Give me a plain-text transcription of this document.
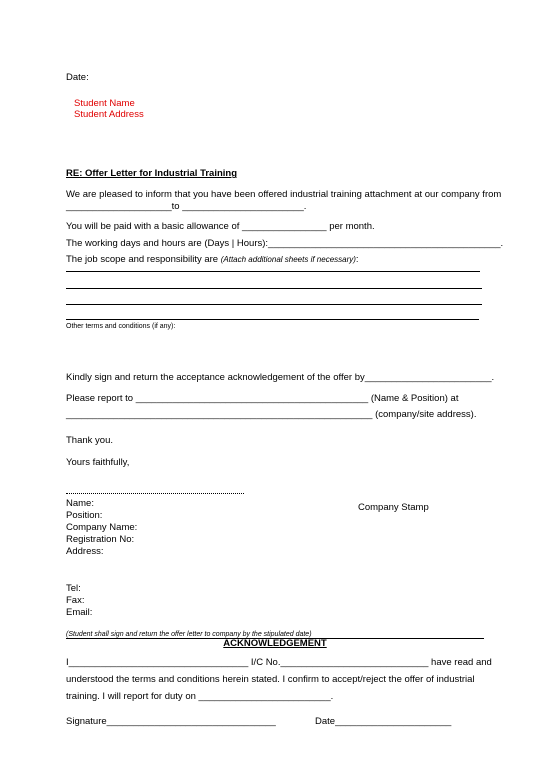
Date:
Student Name
Student Address
RE: Offer Letter for Industrial Training
We are pleased to inform that you have been offered industrial training attachment at our company from
____________________to _______________________.
You will be paid with a basic allowance of ________________ per month.
The working days and hours are (Days | Hours):____________________________________________.
The job scope and responsibility are (Attach additional sheets if necessary):
Other terms and conditions (if any):
Kindly sign and return the acceptance acknowledgement of the offer by________________________.
Please report to ____________________________________________ (Name & Position) at
__________________________________________________________ (company/site address).
Thank you.
Yours faithfully,
Name:
Position:
Company Name:
Registration No:
Address:
Company Stamp
Tel:
Fax:
Email:
(Student shall sign and return the offer letter to company by the stipulated date)
ACKNOWLEDGEMENT
I__________________________________ I/C No.____________________________ have read and
understood the terms and conditions herein stated. I confirm to accept/reject the offer of industrial
training. I will report for duty on _________________________.
Signature________________________________	Date______________________
